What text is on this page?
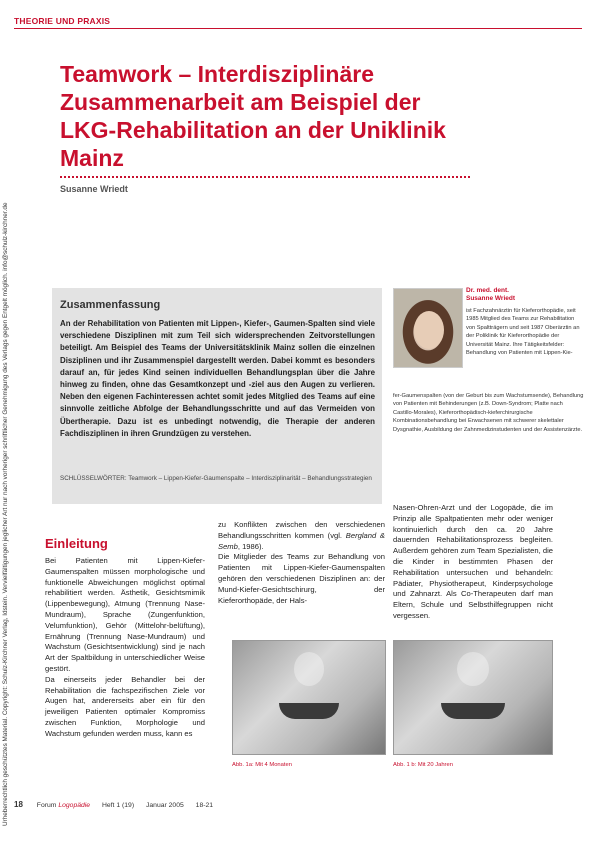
THEORIE UND PRAXIS
Urheberrechtlich geschütztes Material. Copyright: Schulz-Kirchner Verlag, Idstein. Vervielfältigungen jeglicher Art nur nach vorheriger schriftlicher Genehmigung des Verlags gegen Entgelt möglich. info@schulz-kirchner.de
Teamwork – Interdisziplinäre Zusammenarbeit am Beispiel der LKG-Rehabilitation an der Uniklinik Mainz
Susanne Wriedt
Zusammenfassung
An der Rehabilitation von Patienten mit Lippen-, Kiefer-, Gaumen-Spalten sind viele verschiedene Disziplinen mit zum Teil sich widersprechenden Zeitvorstellungen beteiligt. Am Beispiel des Teams der Universitätsklinik Mainz sollen die einzelnen Disziplinen und ihr Zusammenspiel dargestellt werden. Dabei kommt es besonders darauf an, für jedes Kind seinen individuellen Behandlungsplan über die Jahre hinweg zu finden, ohne das Gesamtkonzept und -ziel aus den Augen zu verlieren. Neben den eigenen Fachinteressen achtet somit jedes Mitglied des Teams auf eine sinnvolle zeitliche Abfolge der Behandlungsschritte und auf das Vermeiden von Übertherapie. Dazu ist es unbedingt notwendig, die Therapie der anderen Fachdisziplinen in ihren Grundzügen zu verstehen.
SCHLÜSSELWÖRTER: Teamwork – Lippen-Kiefer-Gaumenspalte – Interdisziplinarität – Behandlungsstrategien
Dr. med. dent.
Susanne Wriedt
ist Fachzahnärztin für Kieferorthopädie, seit 1985 Mitglied des Teams zur Rehabilitation von Spaltträgern und seit 1987 Oberärztin an der Poliklinik für Kieferorthopädie der Universität Mainz. Ihre Tätigkeitsfelder: Behandlung von Patienten mit Lippen-Kie-
fer-Gaumenspalten (von der Geburt bis zum Wachstumsende), Behandlung von Patienten mit Behinderungen (z.B. Down-Syndrom; Platte nach Castillo-Morales), Kieferorthopädisch-kieferchirurgische Kombinationsbehandlung bei Erwachsenen mit schwerer skelettaler Dysgnathie, Ausbildung der Zahnmedizinstudenten und der Assistenzärzte.
Einleitung

Bei Patienten mit Lippen-Kiefer-Gaumenspalten müssen morphologische und funktionelle Abweichungen möglichst optimal rehabilitiert werden. Ästhetik, Gesichtsmimik (Lippenbewegung), Atmung (Trennung Nase-Mundraum), Sprache (Zungenfunktion, Velumfunktion), Gehör (Mittelohr-belüftung), Ernährung (Trennung Nase-Mundraum) und Wachstum (Gesichtsentwicklung) sind je nach Art der Spaltbildung in unterschiedlicher Weise gestört.

Da einerseits jeder Behandler bei der Rehabilitation die fachspezifischen Ziele vor Augen hat, andererseits aber ein für den jeweiligen Patienten optimaler Kompromiss zwischen Funktion, Morphologie und Wachstum gefunden werden muss, kann es

zu Konflikten zwischen den verschiedenen Behandlungsschritten kommen (vgl. Bergland & Semb, 1986).

Die Mitglieder des Teams zur Behandlung von Patienten mit Lippen-Kiefer-Gaumenspalten gehören den verschiedenen Disziplinen an: der Mund-Kiefer-Gesichtschirurg, der Kieferorthopäde, der Hals-

Nasen-Ohren-Arzt und der Logopäde, die im Prinzip alle Spaltpatienten mehr oder weniger kontinuierlich durch den ca. 20 Jahre dauernden Rehabilitationsprozess begleiten. Außerdem gehören zum Team Spezialisten, die die Kinder in bestimmten Phasen der Rehabilitation untersuchen und behandeln: Pädiater, Physiotherapeut, Kinderpsychologe und Zahnarzt. Als Co-Therapeuten darf man Eltern, Schule und Selbsthilfegruppen nicht vergessen.

Abb. 1a: Mit 4 Monaten	Abb. 1 b: Mit 20 Jahren
18 Forum Logopädie Heft 1 (19) Januar 2005 18-21
